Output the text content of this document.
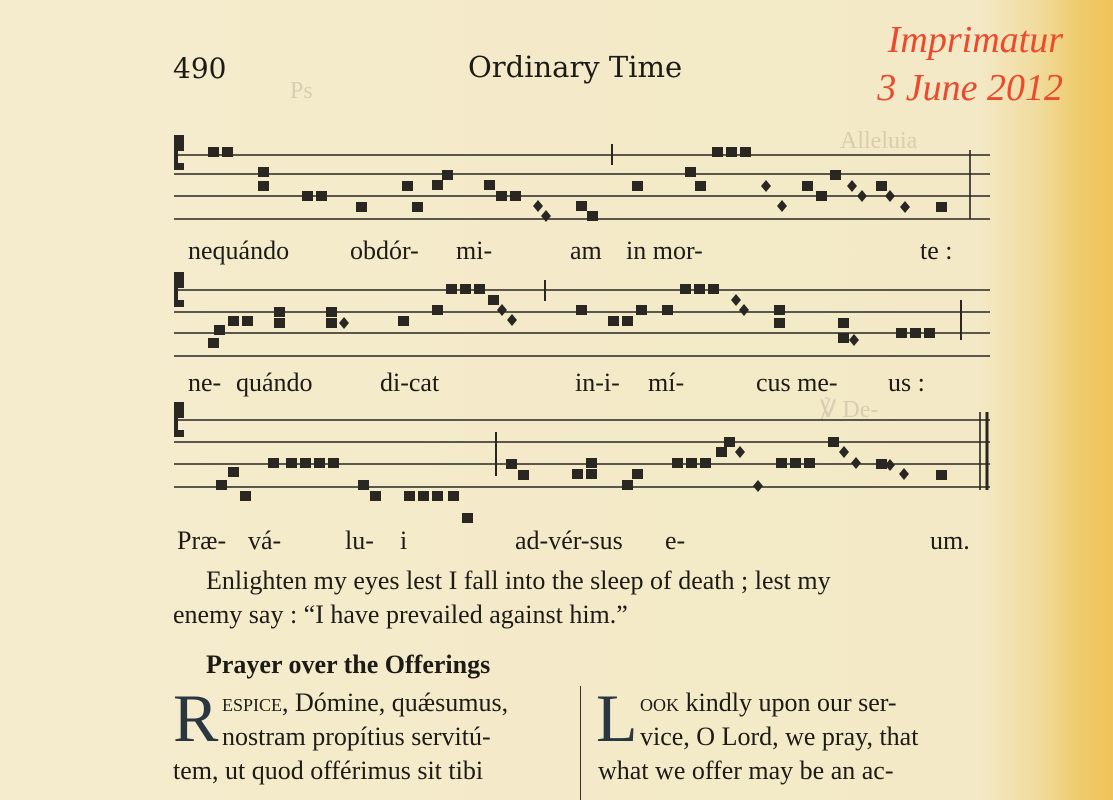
490	Ordinary Time
Imprimatur
3 June 2012
Ps
Alleluia
℣ De-
nequándo obdór- mi-	am in mor-	te :
ne- quándo	di-cat	in-i- mí-	cus me- us :
Præ- vá- lu- i	ad-vér-sus e-	um.
Enlighten my eyes lest I fall into the sleep of death ; lest my
enemy say : “I have prevailed against him.”
Prayer over the Offerings
R espice, Dómine, quǽsumus,
nostram propítius servitú-
tem, ut quod offérimus sit tibi
L ook kindly upon our ser-
vice, O Lord, we pray, that
what we offer may be an ac-
